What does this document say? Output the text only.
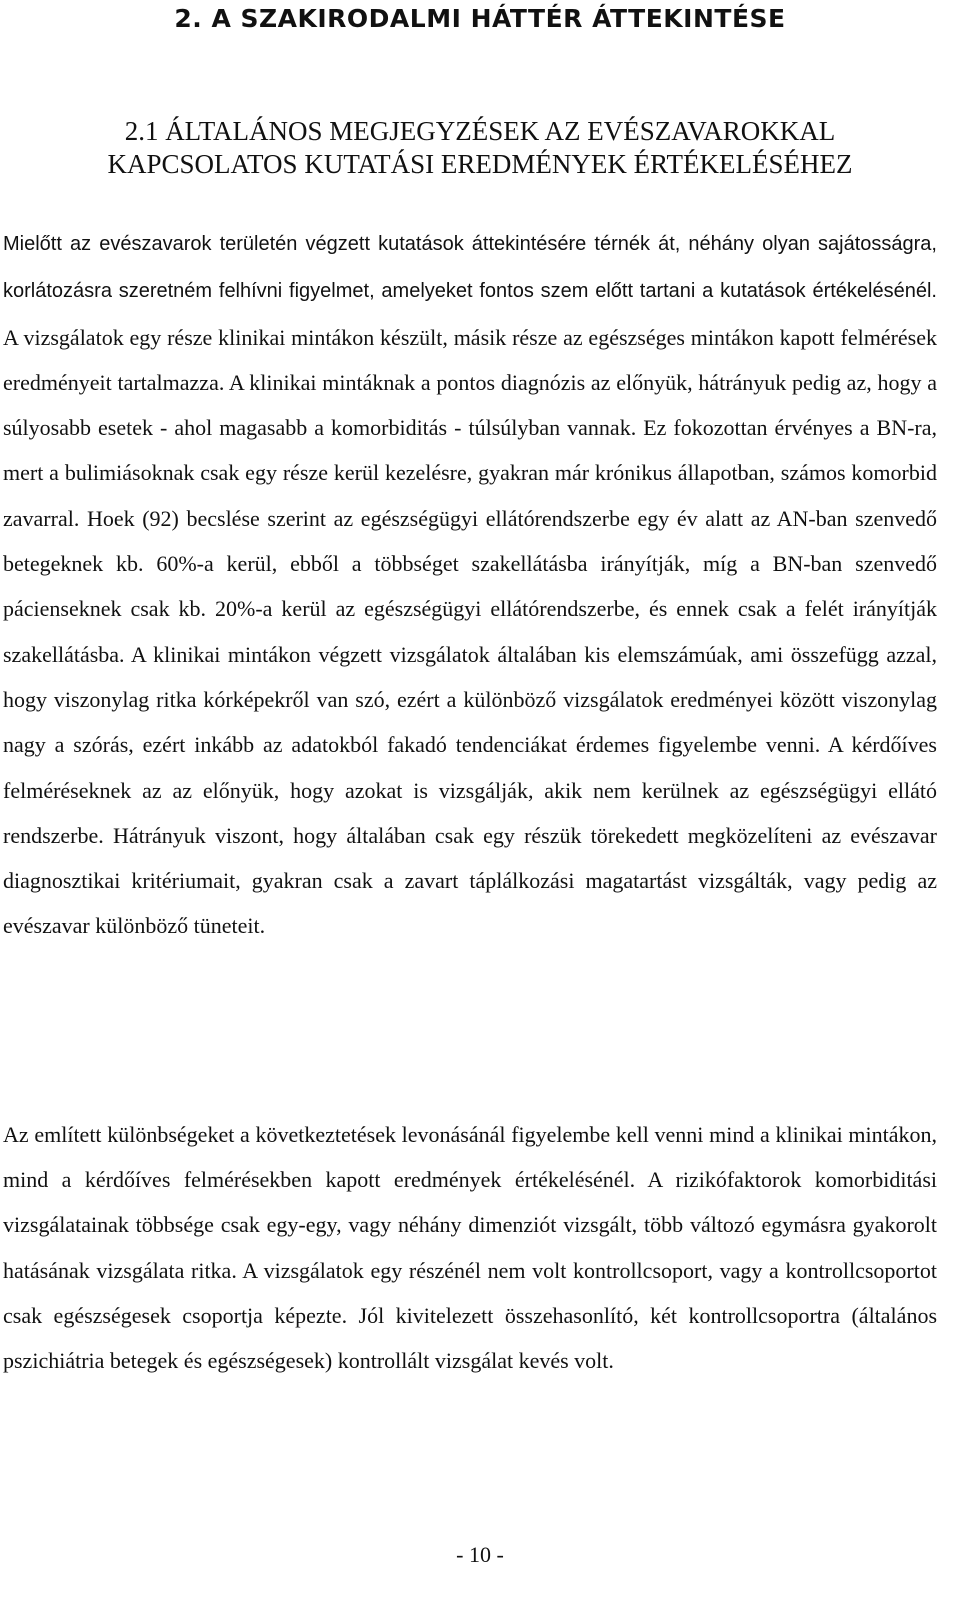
2. A SZAKIRODALMI HÁTTÉR ÁTTEKINTÉSE
2.1 ÁLTALÁNOS MEGJEGYZÉSEK AZ EVÉSZAVAROKKAL
KAPCSOLATOS KUTATÁSI EREDMÉNYEK ÉRTÉKELÉSÉHEZ

Mielőtt az evészavarok területén végzett kutatások áttekintésére térnék át, néhány olyan sajátosságra, korlátozásra szeretném felhívni figyelmet, amelyeket fontos szem előtt tartani a kutatások értékelésénél. A vizsgálatok egy része klinikai mintákon készült, másik része az egészséges mintákon kapott felmérések eredményeit tartalmazza. A klinikai mintáknak a pontos diagnózis az előnyük, hátrányuk pedig az, hogy a súlyosabb esetek - ahol magasabb a komorbiditás - túlsúlyban vannak. Ez fokozottan érvényes a BN-ra, mert a bulimiásoknak csak egy része kerül kezelésre, gyakran már krónikus állapotban, számos komorbid zavarral. Hoek (92) becslése szerint az egészségügyi ellátórendszerbe egy év alatt az AN-ban szenvedő betegeknek kb. 60%-a kerül, ebből a többséget szakellátásba irányítják, míg a BN-ban szenvedő pácienseknek csak kb. 20%-a kerül az egészségügyi ellátórendszerbe, és ennek csak a felét irányítják szakellátásba. A klinikai mintákon végzett vizsgálatok általában kis elemszámúak, ami összefügg azzal, hogy viszonylag ritka kórképekről van szó, ezért a különböző vizsgálatok eredményei között viszonylag nagy a szórás, ezért inkább az adatokból fakadó tendenciákat érdemes figyelembe venni. A kérdőíves felméréseknek az az előnyük, hogy azokat is vizsgálják, akik nem kerülnek az egészségügyi ellátó rendszerbe. Hátrányuk viszont, hogy általában csak egy részük törekedett megközelíteni az evészavar diagnosztikai kritériumait, gyakran csak a zavart táplálkozási magatartást vizsgálták, vagy pedig az evészavar különböző tüneteit.

Az említett különbségeket a következtetések levonásánál figyelembe kell venni mind a klinikai mintákon, mind a kérdőíves felmérésekben kapott eredmények értékelésénél. A rizikófaktorok komorbiditási vizsgálatainak többsége csak egy-egy, vagy néhány dimenziót vizsgált, több változó egymásra gyakorolt hatásának vizsgálata ritka. A vizsgálatok egy részénél nem volt kontrollcsoport, vagy a kontrollcsoportot csak egészségesek csoportja képezte. Jól kivitelezett összehasonlító, két kontrollcsoportra (általános pszichiátria betegek és egészségesek) kontrollált vizsgálat kevés volt.

- 10 -
